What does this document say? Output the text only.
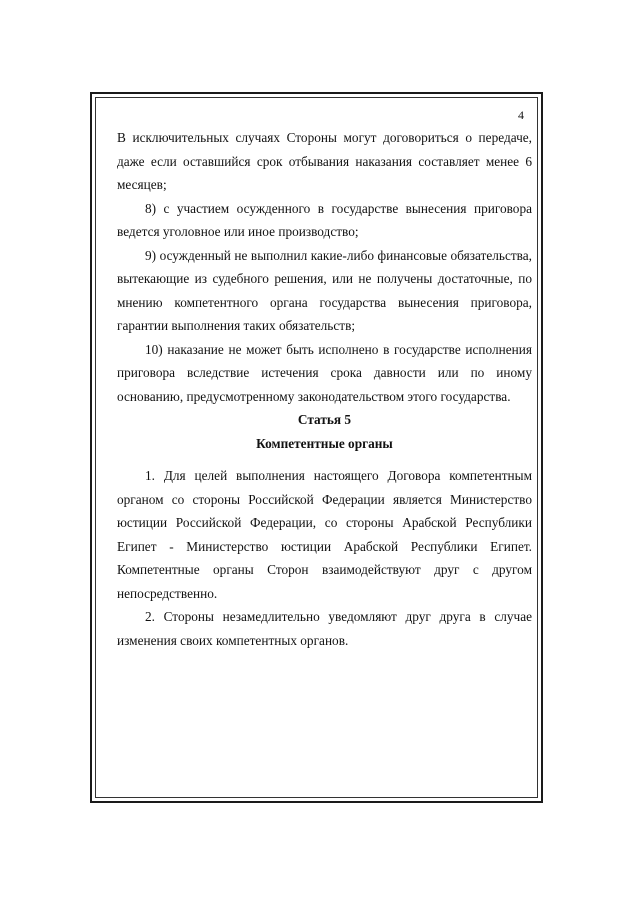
4

В исключительных случаях Стороны могут договориться о передаче, даже если оставшийся срок отбывания наказания составляет менее 6 месяцев;

8) с участием осужденного в государстве вынесения приговора ведется уголовное или иное производство;

9) осужденный не выполнил какие-либо финансовые обязательства, вытекающие из судебного решения, или не получены достаточные, по мнению компетентного органа государства вынесения приговора, гарантии выполнения таких обязательств;

10) наказание не может быть исполнено в государстве исполнения приговора вследствие истечения срока давности или по иному основанию, предусмотренному законодательством этого государства.

Статья 5

Компетентные органы

1. Для целей выполнения настоящего Договора компетентным органом со стороны Российской Федерации является Министерство юстиции Российской Федерации, со стороны Арабской Республики Египет - Министерство юстиции Арабской Республики Египет. Компетентные органы Сторон взаимодействуют друг с другом непосредственно.

2. Стороны незамедлительно уведомляют друг друга в случае изменения своих компетентных органов.
